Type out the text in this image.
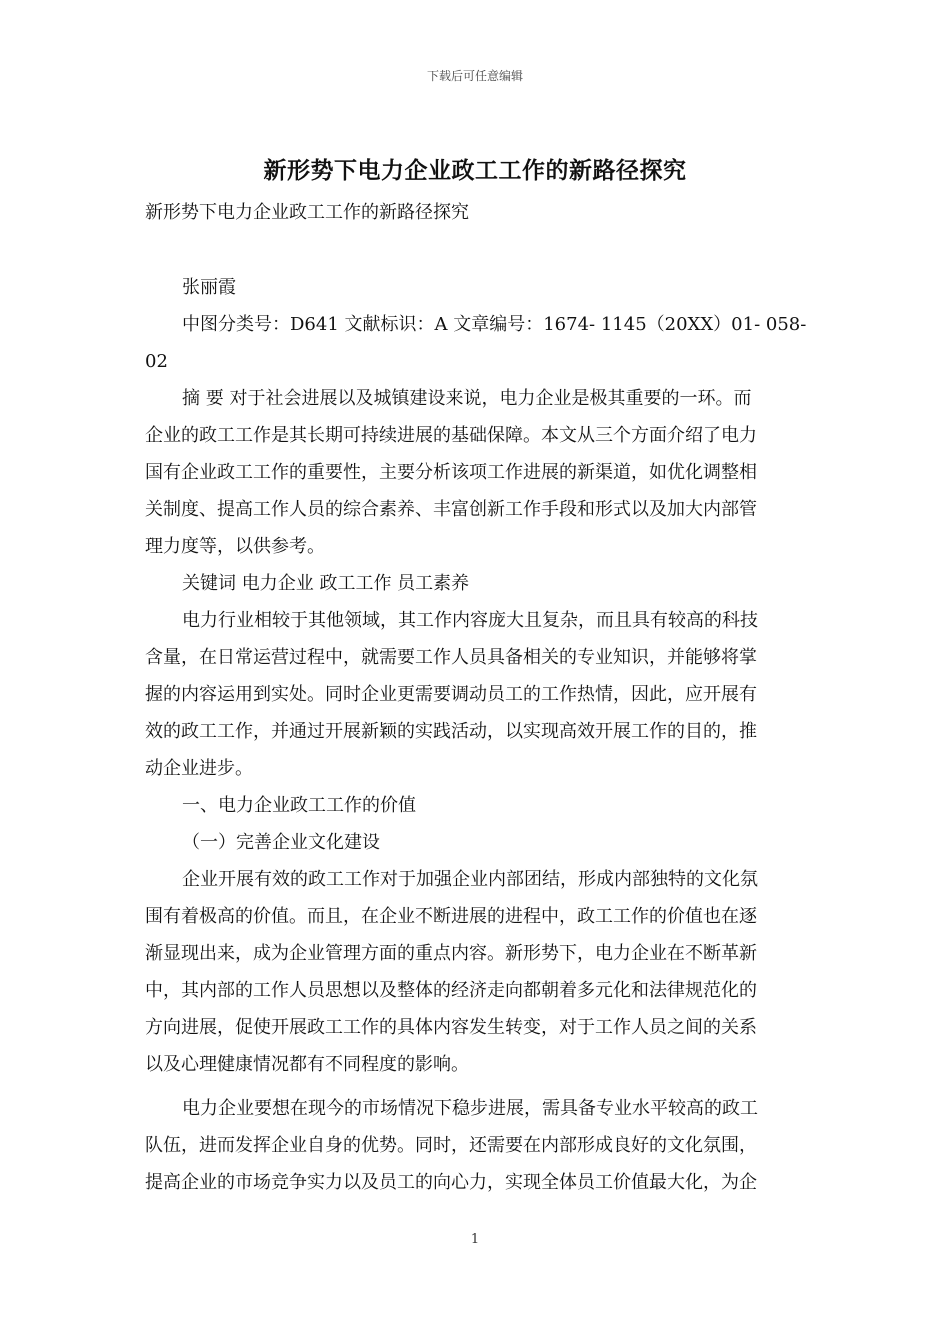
下载后可任意编辑
新形势下电力企业政工工作的新路径探究
新形势下电力企业政工工作的新路径探究
张丽霞
中图分类号：D641 文献标识：A 文章编号：1674- 1145（20XX）01- 058-
02
摘 要 对于社会进展以及城镇建设来说，电力企业是极其重要的一环。而
企业的政工工作是其长期可持续进展的基础保障。本文从三个方面介绍了电力
国有企业政工工作的重要性，主要分析该项工作进展的新渠道，如优化调整相
关制度、提高工作人员的综合素养、丰富创新工作手段和形式以及加大内部管
理力度等，以供参考。
关键词 电力企业 政工工作 员工素养
电力行业相较于其他领域，其工作内容庞大且复杂，而且具有较高的科技
含量，在日常运营过程中，就需要工作人员具备相关的专业知识，并能够将掌
握的内容运用到实处。同时企业更需要调动员工的工作热情，因此，应开展有
效的政工工作，并通过开展新颖的实践活动，以实现高效开展工作的目的，推
动企业进步。
一、电力企业政工工作的价值
（一）完善企业文化建设
企业开展有效的政工工作对于加强企业内部团结，形成内部独特的文化氛
围有着极高的价值。而且，在企业不断进展的进程中，政工工作的价值也在逐
渐显现出来，成为企业管理方面的重点内容。新形势下，电力企业在不断革新
中，其内部的工作人员思想以及整体的经济走向都朝着多元化和法律规范化的
方向进展，促使开展政工工作的具体内容发生转变，对于工作人员之间的关系
以及心理健康情况都有不同程度的影响。
电力企业要想在现今的市场情况下稳步进展，需具备专业水平较高的政工
队伍，进而发挥企业自身的优势。同时，还需要在内部形成良好的文化氛围，
提高企业的市场竞争实力以及员工的向心力，实现全体员工价值最大化，为企
1
